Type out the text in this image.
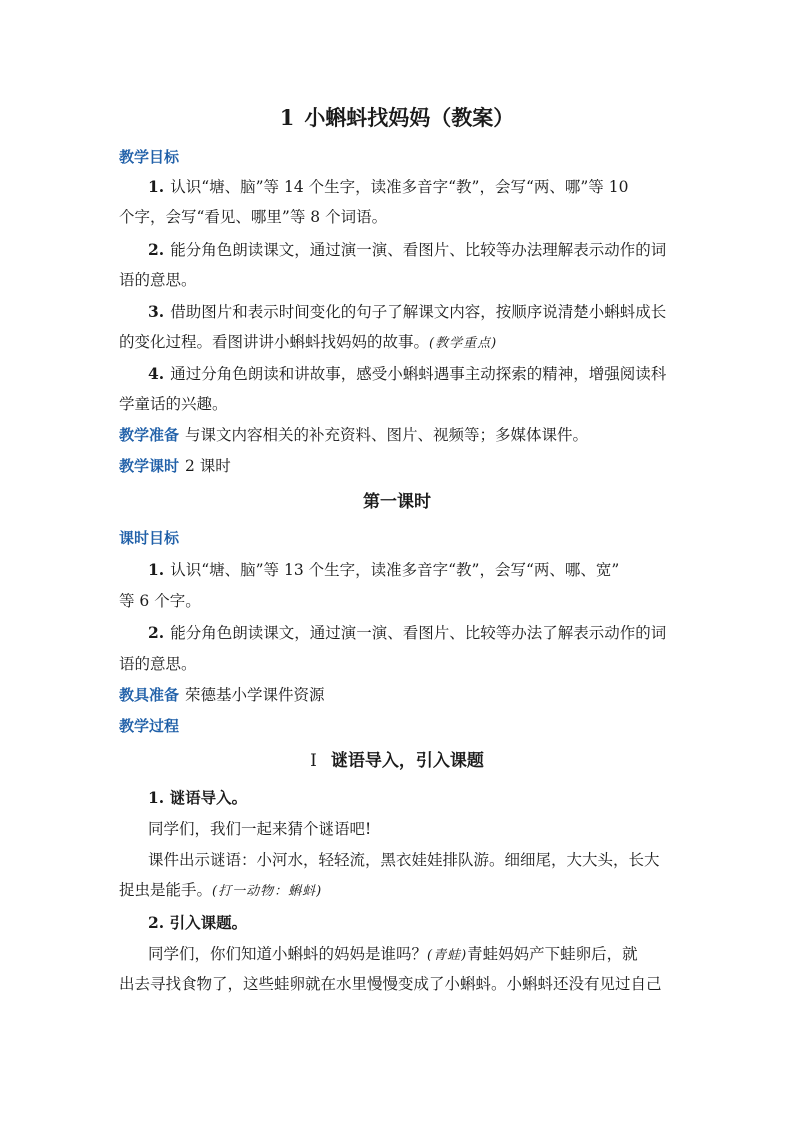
1 小蝌蚪找妈妈（教案）
教学目标
1. 认识“塘、脑”等 14 个生字，读准多音字“教”，会写“两、哪”等 10
个字，会写“看见、哪里”等 8 个词语。
2. 能分角色朗读课文，通过演一演、看图片、比较等办法理解表示动作的词
语的意思。
3. 借助图片和表示时间变化的句子了解课文内容，按顺序说清楚小蝌蚪成长
的变化过程。看图讲讲小蝌蚪找妈妈的故事。(教学重点)
4. 通过分角色朗读和讲故事，感受小蝌蚪遇事主动探索的精神，增强阅读科
学童话的兴趣。
教学准备 与课文内容相关的补充资料、图片、视频等；多媒体课件。
教学课时 2 课时
第一课时
课时目标
1. 认识“塘、脑”等 13 个生字，读准多音字“教”，会写“两、哪、宽”
等 6 个字。
2. 能分角色朗读课文，通过演一演、看图片、比较等办法了解表示动作的词
语的意思。
教具准备 荣德基小学课件资源
教学过程
Ⅰ 谜语导入，引入课题
1. 谜语导入。
同学们，我们一起来猜个谜语吧!
课件出示谜语：小河水，轻轻流，黑衣娃娃排队游。细细尾，大大头，长大
捉虫是能手。(打一动物：蝌蚪)
2. 引入课题。
同学们，你们知道小蝌蚪的妈妈是谁吗？(青蛙)青蛙妈妈产下蛙卵后，就
出去寻找食物了，这些蛙卵就在水里慢慢变成了小蝌蚪。小蝌蚪还没有见过自己
